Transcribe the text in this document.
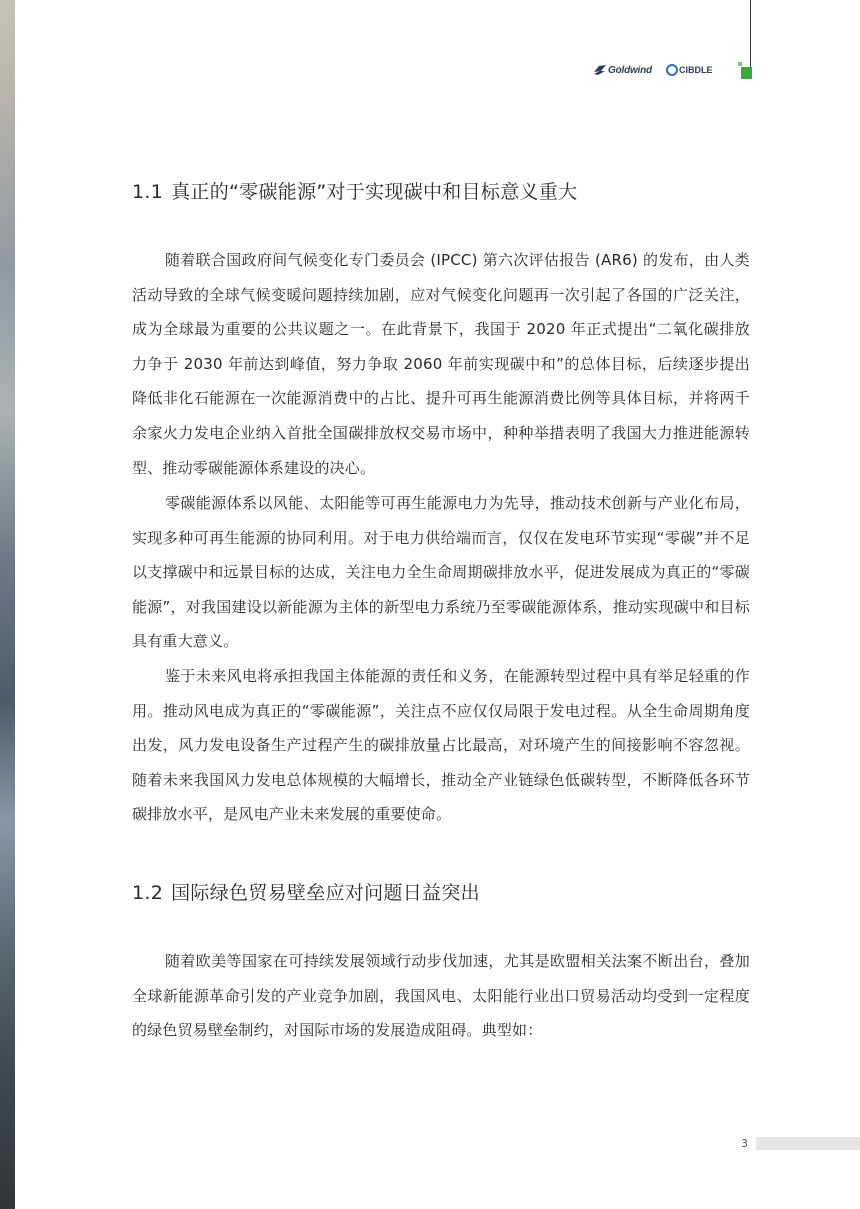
Goldwind	CIBDLE
1.1 真正的“零碳能源”对于实现碳中和目标意义重大

随着联合国政府间气候变化专门委员会 (IPCC) 第六次评估报告 (AR6) 的发布，由人类活动导致的全球气候变暖问题持续加剧，应对气候变化问题再一次引起了各国的广泛关注，成为全球最为重要的公共议题之一。在此背景下，我国于 2020 年正式提出“二氧化碳排放力争于 2030 年前达到峰值，努力争取 2060 年前实现碳中和”的总体目标，后续逐步提出降低非化石能源在一次能源消费中的占比、提升可再生能源消费比例等具体目标，并将两千余家火力发电企业纳入首批全国碳排放权交易市场中，种种举措表明了我国大力推进能源转型、推动零碳能源体系建设的决心。

零碳能源体系以风能、太阳能等可再生能源电力为先导，推动技术创新与产业化布局，实现多种可再生能源的协同利用。对于电力供给端而言，仅仅在发电环节实现“零碳”并不足以支撑碳中和远景目标的达成，关注电力全生命周期碳排放水平，促进发展成为真正的“零碳能源”，对我国建设以新能源为主体的新型电力系统乃至零碳能源体系，推动实现碳中和目标具有重大意义。

鉴于未来风电将承担我国主体能源的责任和义务，在能源转型过程中具有举足轻重的作用。推动风电成为真正的“零碳能源”，关注点不应仅仅局限于发电过程。从全生命周期角度出发，风力发电设备生产过程产生的碳排放量占比最高，对环境产生的间接影响不容忽视。随着未来我国风力发电总体规模的大幅增长，推动全产业链绿色低碳转型，不断降低各环节碳排放水平，是风电产业未来发展的重要使命。

1.2 国际绿色贸易壁垒应对问题日益突出

随着欧美等国家在可持续发展领域行动步伐加速，尤其是欧盟相关法案不断出台，叠加全球新能源革命引发的产业竞争加剧，我国风电、太阳能行业出口贸易活动均受到一定程度的绿色贸易壁垒制约，对国际市场的发展造成阻碍。典型如：

3
